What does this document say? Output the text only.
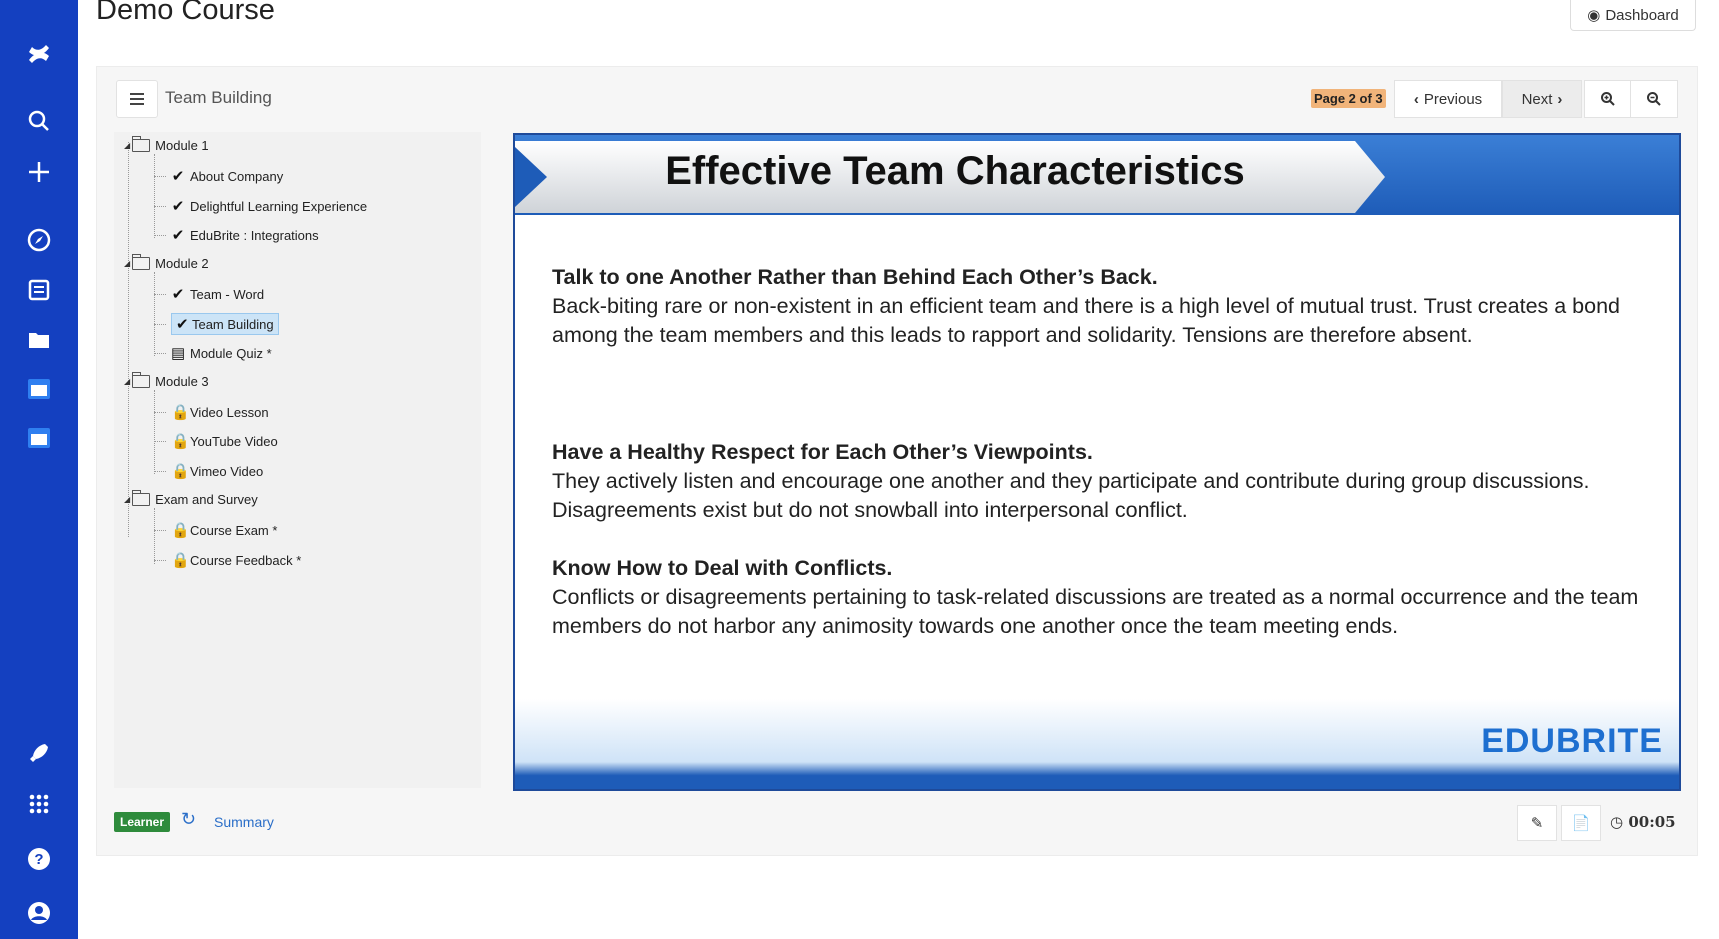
?
Demo Course	◉ Dashboard
Team Building	Page 2 of 3 ‹ Previous	Next ›
◢ Module 1
✔ About Company
✔ Delightful Learning Experience
✔ EduBrite : Integrations
◢ Module 2
✔ Team - Word
✔ Team Building
▤ Module Quiz *
◢ Module 3
🔒 Video Lesson
🔒 YouTube Video
🔒 Vimeo Video
◢ Exam and Survey
🔒 Course Exam *
🔒 Course Feedback *
Effective Team Characteristics
Talk to one Another Rather than Behind Each Other’s Back.

Back-biting rare or non-existent in an efficient team and there is a high level of mutual trust. Trust creates a bond among the team members and this leads to rapport and solidarity. Tensions are therefore absent.

Have a Healthy Respect for Each Other’s Viewpoints.

They actively listen and encourage one another and they participate and contribute during group discussions. Disagreements exist but do not snowball into interpersonal conflict.

Know How to Deal with Conflicts.

Conflicts or disagreements pertaining to task-related discussions are treated as a normal occurrence and the team members do not harbor any animosity towards one another once the team meeting ends.

EDUBRITE
Learner ↻ Summary	✎ 📄 ◷ 00:05
